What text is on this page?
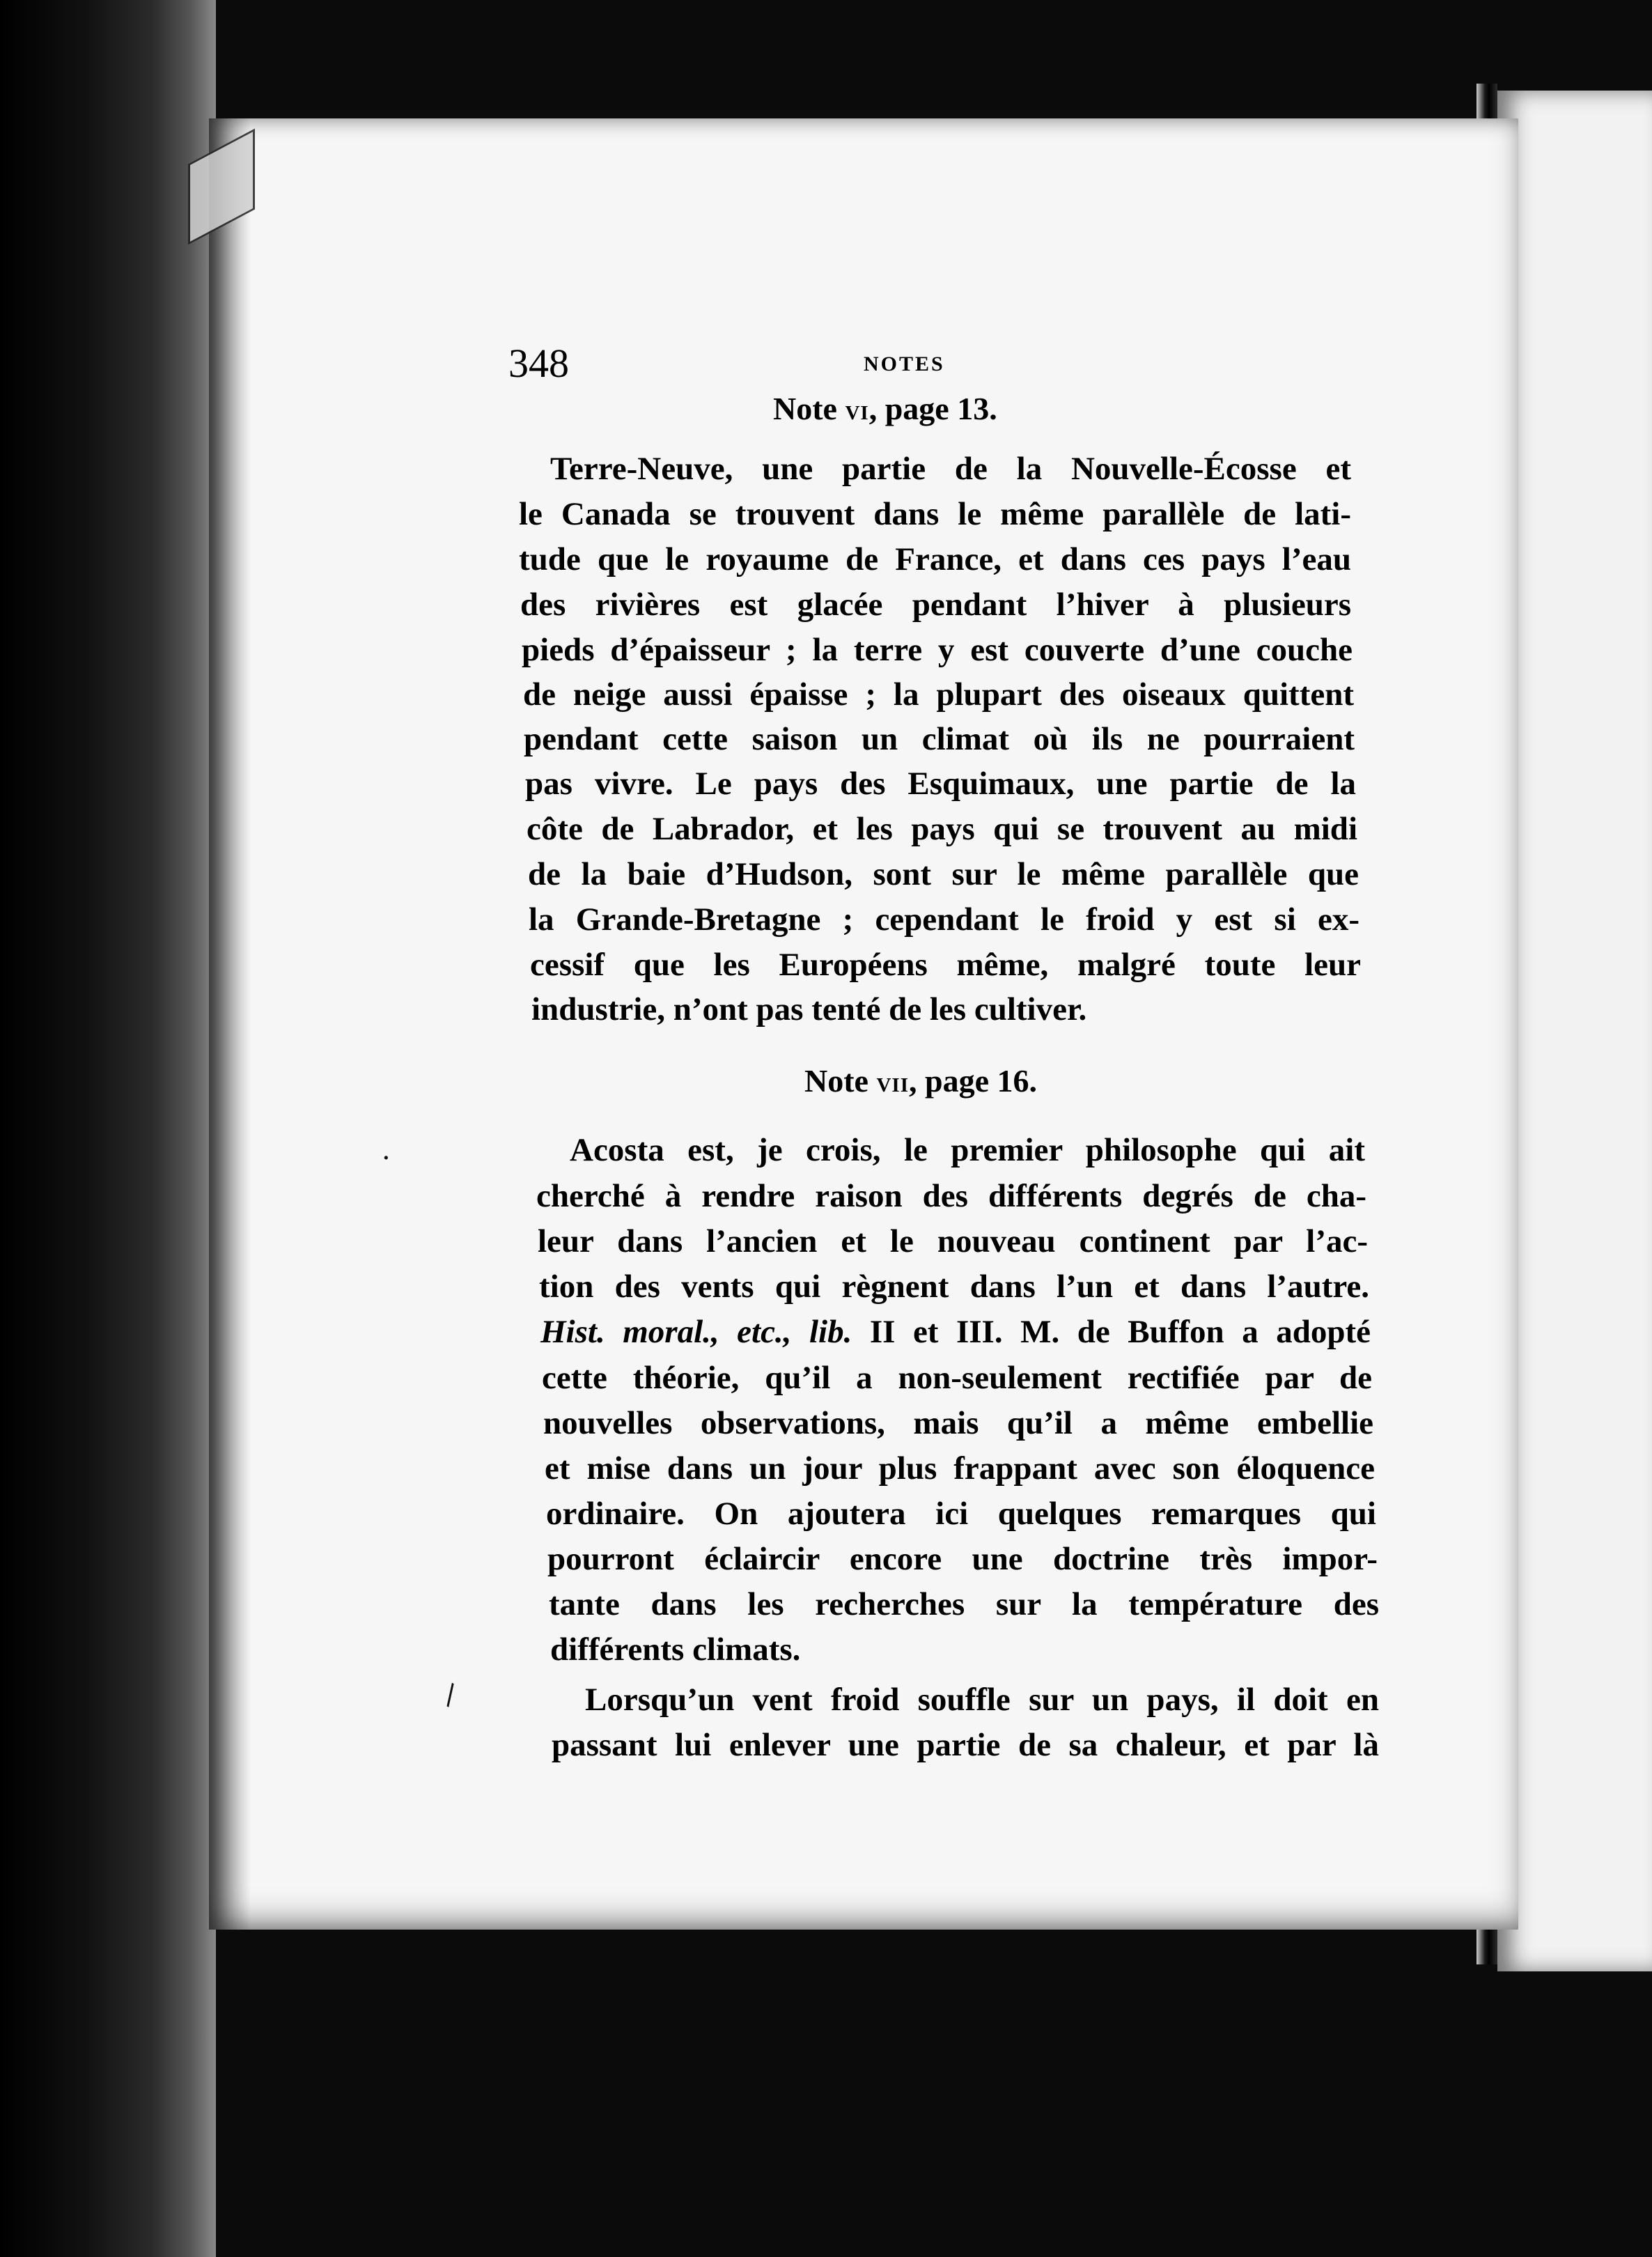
·
\
348	NOTES
Note vi, page 13.
Terre-Neuve, une partie de la Nouvelle-Écosse et
le Canada se trouvent dans le même parallèle de lati-
tude que le royaume de France, et dans ces pays l’eau
des rivières est glacée pendant l’hiver à plusieurs
pieds d’épaisseur ; la terre y est couverte d’une couche
de neige aussi épaisse ; la plupart des oiseaux quittent
pendant cette saison un climat où ils ne pourraient
pas vivre. Le pays des Esquimaux, une partie de la
côte de Labrador, et les pays qui se trouvent au midi
de la baie d’Hudson, sont sur le même parallèle que
la Grande-Bretagne ; cependant le froid y est si ex-
cessif que les Européens même, malgré toute leur
industrie, n’ont pas tenté de les cultiver.
Note vii, page 16.
Acosta est, je crois, le premier philosophe qui ait
cherché à rendre raison des différents degrés de cha-
leur dans l’ancien et le nouveau continent par l’ac-
tion des vents qui règnent dans l’un et dans l’autre.
Hist. moral., etc., lib. II et III. M. de Buffon a adopté
cette théorie, qu’il a non-seulement rectifiée par de
nouvelles observations, mais qu’il a même embellie
et mise dans un jour plus frappant avec son éloquence
ordinaire. On ajoutera ici quelques remarques qui
pourront éclaircir encore une doctrine très impor-
tante dans les recherches sur la température des
différents climats.
Lorsqu’un vent froid souffle sur un pays, il doit en
passant lui enlever une partie de sa chaleur, et par là
